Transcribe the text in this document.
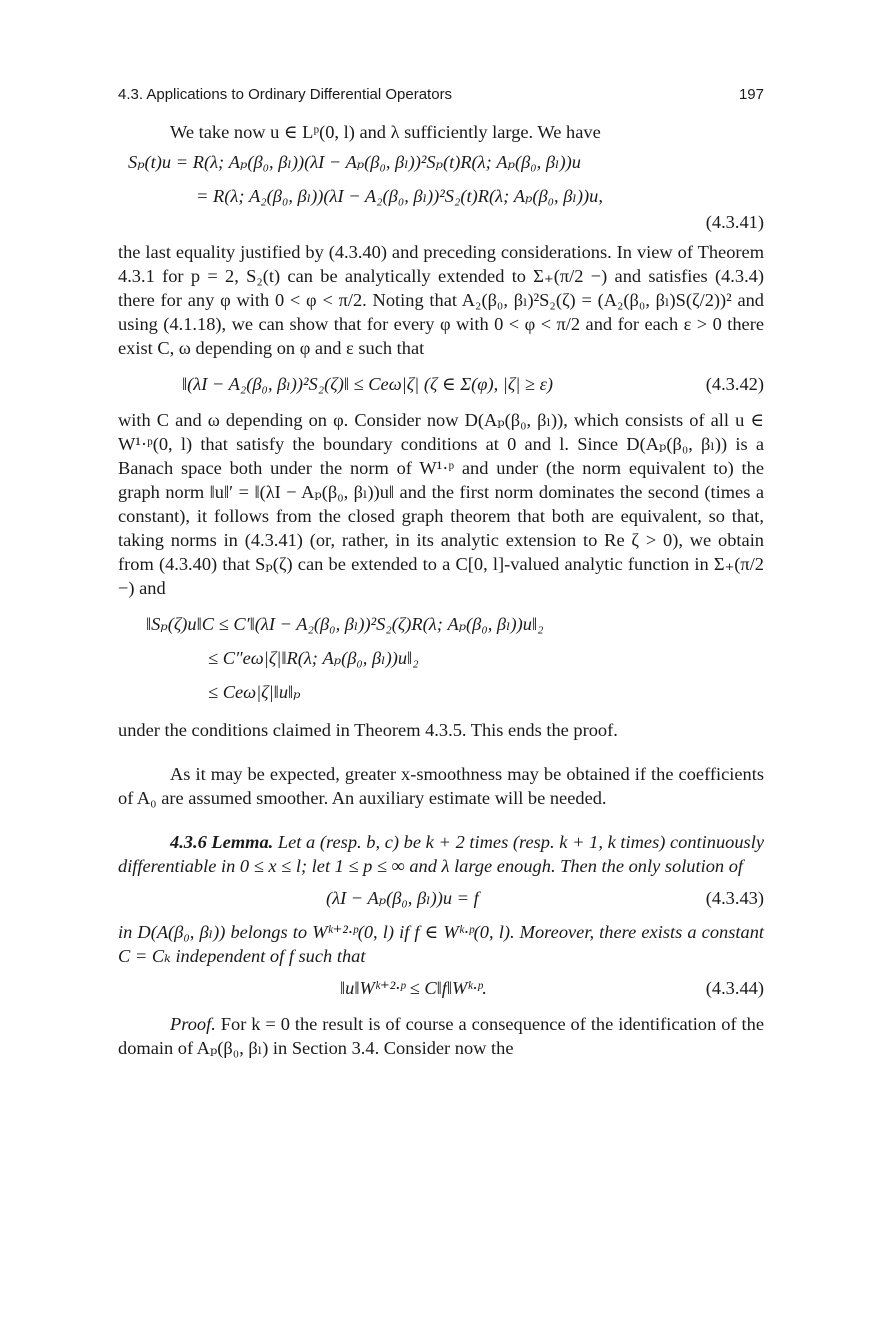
4.3. Applications to Ordinary Differential Operators	197

We take now u ∈ Lᵖ(0, l) and λ sufficiently large. We have

Sₚ(t)u = R(λ; Aₚ(β₀, βₗ))(λI − Aₚ(β₀, βₗ))²Sₚ(t)R(λ; Aₚ(β₀, βₗ))u
= R(λ; A₂(β₀, βₗ))(λI − A₂(β₀, βₗ))²S₂(t)R(λ; Aₚ(β₀, βₗ))u,
(4.3.41)

the last equality justified by (4.3.40) and preceding considerations. In view of Theorem 4.3.1 for p = 2, S₂(t) can be analytically extended to Σ₊(π/2 −) and satisfies (4.3.4) there for any φ with 0 < φ < π/2. Noting that A₂(β₀, βₗ)²S₂(ζ) = (A₂(β₀, βₗ)S(ζ/2))² and using (4.1.18), we can show that for every φ with 0 < φ < π/2 and for each ε > 0 there exist C, ω depending on φ and ε such that

‖(λI − A₂(β₀, βₗ))²S₂(ζ)‖ ≤ Ceω|ζ| (ζ ∈ Σ(φ), |ζ| ≥ ε)	(4.3.42)

with C and ω depending on φ. Consider now D(Aₚ(β₀, βₗ)), which consists of all u ∈ W¹·ᵖ(0, l) that satisfy the boundary conditions at 0 and l. Since D(Aₚ(β₀, βₗ)) is a Banach space both under the norm of W¹·ᵖ and under (the norm equivalent to) the graph norm ‖u‖′ = ‖(λI − Aₚ(β₀, βₗ))u‖ and the first norm dominates the second (times a constant), it follows from the closed graph theorem that both are equivalent, so that, taking norms in (4.3.41) (or, rather, in its analytic extension to Re ζ > 0), we obtain from (4.3.40) that Sₚ(ζ) can be extended to a C[0, l]-valued analytic function in Σ₊(π/2 −) and

‖Sₚ(ζ)u‖C ≤ C′‖(λI − A₂(β₀, βₗ))²S₂(ζ)R(λ; Aₚ(β₀, βₗ))u‖₂
≤ C″eω|ζ|‖R(λ; Aₚ(β₀, βₗ))u‖₂
≤ Ceω|ζ|‖u‖ₚ

under the conditions claimed in Theorem 4.3.5. This ends the proof.

As it may be expected, greater x-smoothness may be obtained if the coefficients of A₀ are assumed smoother. An auxiliary estimate will be needed.

4.3.6 Lemma. Let a (resp. b, c) be k + 2 times (resp. k + 1, k times) continuously differentiable in 0 ≤ x ≤ l; let 1 ≤ p ≤ ∞ and λ large enough. Then the only solution of

(λI − Aₚ(β₀, βₗ))u = f	(4.3.43)

in D(A(β₀, βₗ)) belongs to Wᵏ⁺²·ᵖ(0, l) if f ∈ Wᵏ·ᵖ(0, l). Moreover, there exists a constant C = Cₖ independent of f such that

‖u‖Wᵏ⁺²·ᵖ ≤ C‖f‖Wᵏ·ᵖ.	(4.3.44)

Proof. For k = 0 the result is of course a consequence of the identification of the domain of Aₚ(β₀, βₗ) in Section 3.4. Consider now the
